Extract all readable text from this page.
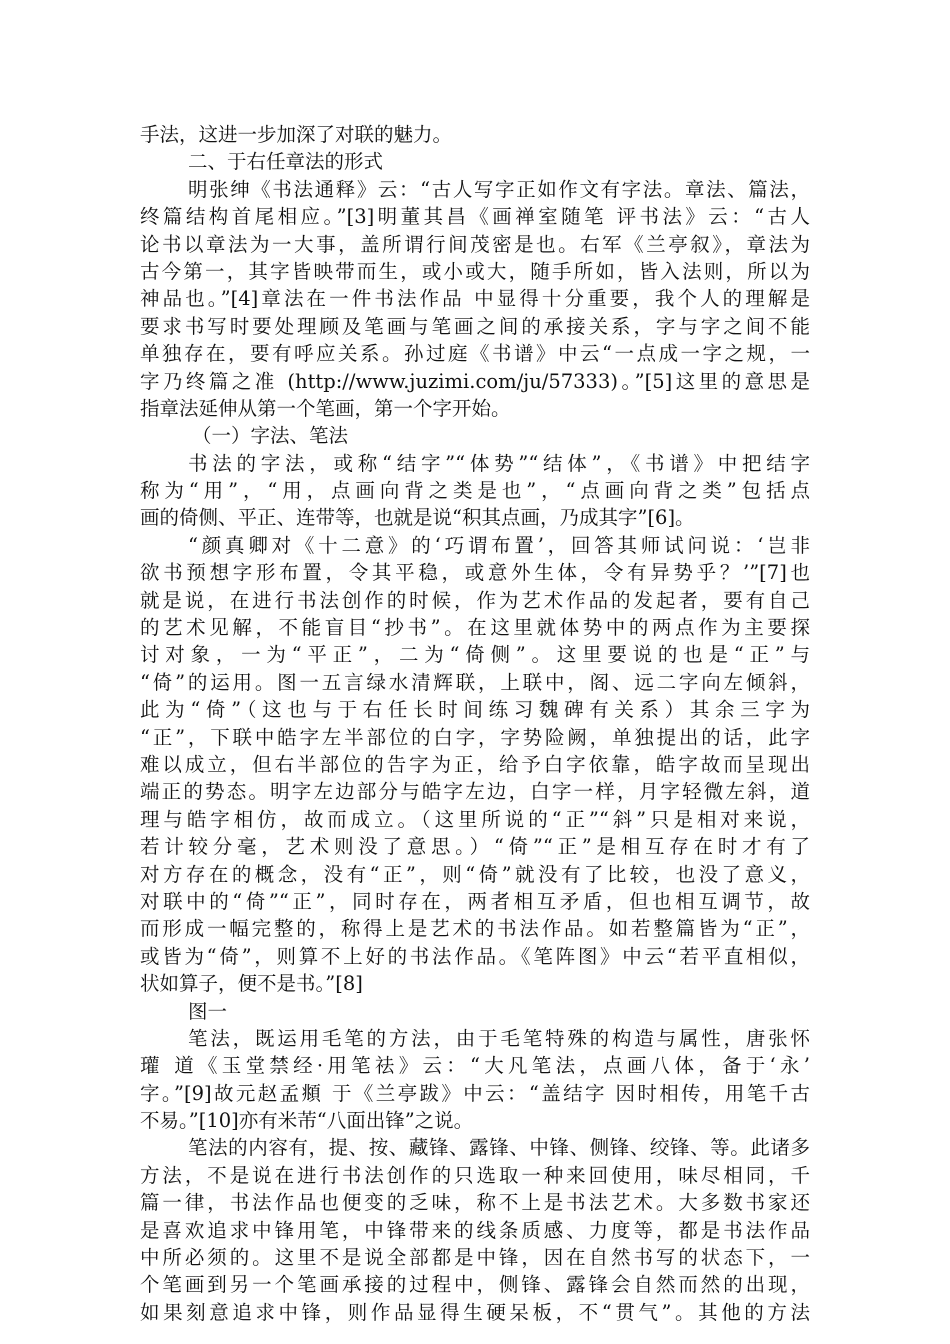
手法，这进一步加深了对联的魅力。
二、于右任章法的形式
明张绅《书法通释》云：“古人写字正如作文有字法。章法、篇法，
终篇结构首尾相应。”[3]明董其昌《画禅室随笔 评书法》云：“古人
论书以章法为一大事，盖所谓行间茂密是也。右军《兰亭叙》，章法为
古今第一，其字皆映带而生，或小或大，随手所如，皆入法则，所以为
神品也。”[4]章法在一件书法作品 中显得十分重要，我个人的理解是
要求书写时要处理顾及笔画与笔画之间的承接关系，字与字之间不能
单独存在，要有呼应关系。孙过庭《书谱》中云“一点成一字之规，一
字乃终篇之准 (http://www.juzimi.com/ju/57333)。”[5]这里的意思是
指章法延伸从第一个笔画，第一个字开始。
（一）字法、笔法
书法的字法，或称“结字”“体势”“结体”，《书谱》中把结字
称为“用”，“用，点画向背之类是也”，“点画向背之类”包括点
画的倚侧、平正、连带等，也就是说“积其点画，乃成其字”[6]。
“颜真卿对《十二意》的‘巧谓布置’，回答其师试问说：‘岂非
欲书预想字形布置，令其平稳，或意外生体，令有异势乎？’”[7]也
就是说，在进行书法创作的时候，作为艺术作品的发起者，要有自己
的艺术见解，不能盲目“抄书”。在这里就体势中的两点作为主要探
讨对象，一为“平正”，二为“倚侧”。这里要说的也是“正”与
“倚”的运用。图一五言绿水清辉联，上联中，阁、远二字向左倾斜，
此为“倚”（这也与于右任长时间练习魏碑有关系）其余三字为
“正”，下联中皓字左半部位的白字，字势险阙，单独提出的话，此字
难以成立，但右半部位的告字为正，给予白字依靠，皓字故而呈现出
端正的势态。明字左边部分与皓字左边，白字一样，月字轻微左斜，道
理与皓字相仿，故而成立。（这里所说的“正”“斜”只是相对来说，
若计较分毫，艺术则没了意思。）“倚”“正”是相互存在时才有了
对方存在的概念，没有“正”，则“倚”就没有了比较，也没了意义，
对联中的“倚”“正”，同时存在，两者相互矛盾，但也相互调节，故
而形成一幅完整的，称得上是艺术的书法作品。如若整篇皆为“正”，
或皆为“倚”，则算不上好的书法作品。《笔阵图》中云“若平直相似，
状如算子，便不是书。”[8]
图一
笔法，既运用毛笔的方法，由于毛笔特殊的构造与属性，唐张怀
瓘 道《玉堂禁经·用笔祛》云：“大凡笔法，点画八体，备于‘永’
字。”[9]故元赵孟頫 于《兰亭跋》中云：“盖结字 因时相传，用笔千古
不易。”[10]亦有米芾“八面出锋”之说。
笔法的内容有，提、按、藏锋、露锋、中锋、侧锋、绞锋、等。此诸多
方法，不是说在进行书法创作的只选取一种来回使用，味尽相同，千
篇一律，书法作品也便变的乏味，称不上是书法艺术。大多数书家还
是喜欢追求中锋用笔，中锋带来的线条质感、力度等，都是书法作品
中所必须的。这里不是说全部都是中锋，因在自然书写的状态下，一
个笔画到另一个笔画承接的过程中，侧锋、露锋会自然而然的出现，
如果刻意追求中锋，则作品显得生硬呆板，不“贯气”。其他的方法
